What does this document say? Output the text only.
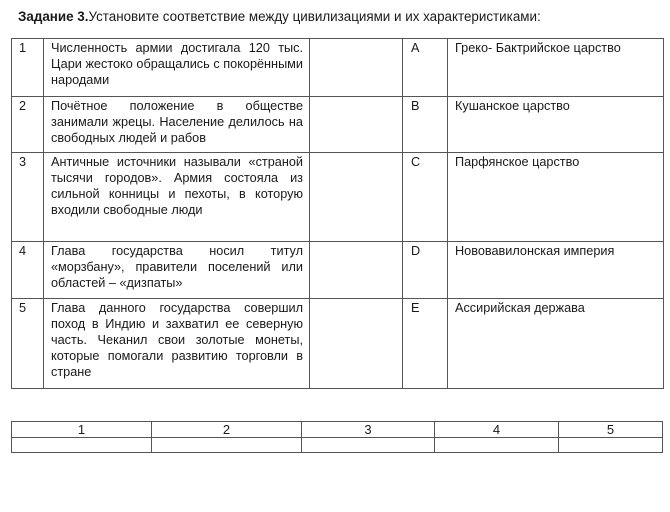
Задание 3.Установите соответствие между цивилизациями и их характеристиками:
1	Численность армии достигала 120 тыс. Цари жестоко обращались с покорёнными народами		A	Греко- Бактрийское царство
2	Почётное положение в обществе занимали жрецы. Население делилось на свободных людей и рабов		B	Кушанское царство
3	Античные источники называли «страной тысячи городов». Армия состояла из сильной конницы и пехоты, в которую входили свободные люди		C	Парфянское царство
4	Глава государства носил титул «морзбану», правители поселений или областей – «дизпаты»		D	Нововавилонская империя
5	Глава данного государства совершил поход в Индию и захватил ее северную часть. Чеканил свои золотые монеты, которые помогали развитию торговли в стране		E	Ассирийская держава
1	2	3	4	5
